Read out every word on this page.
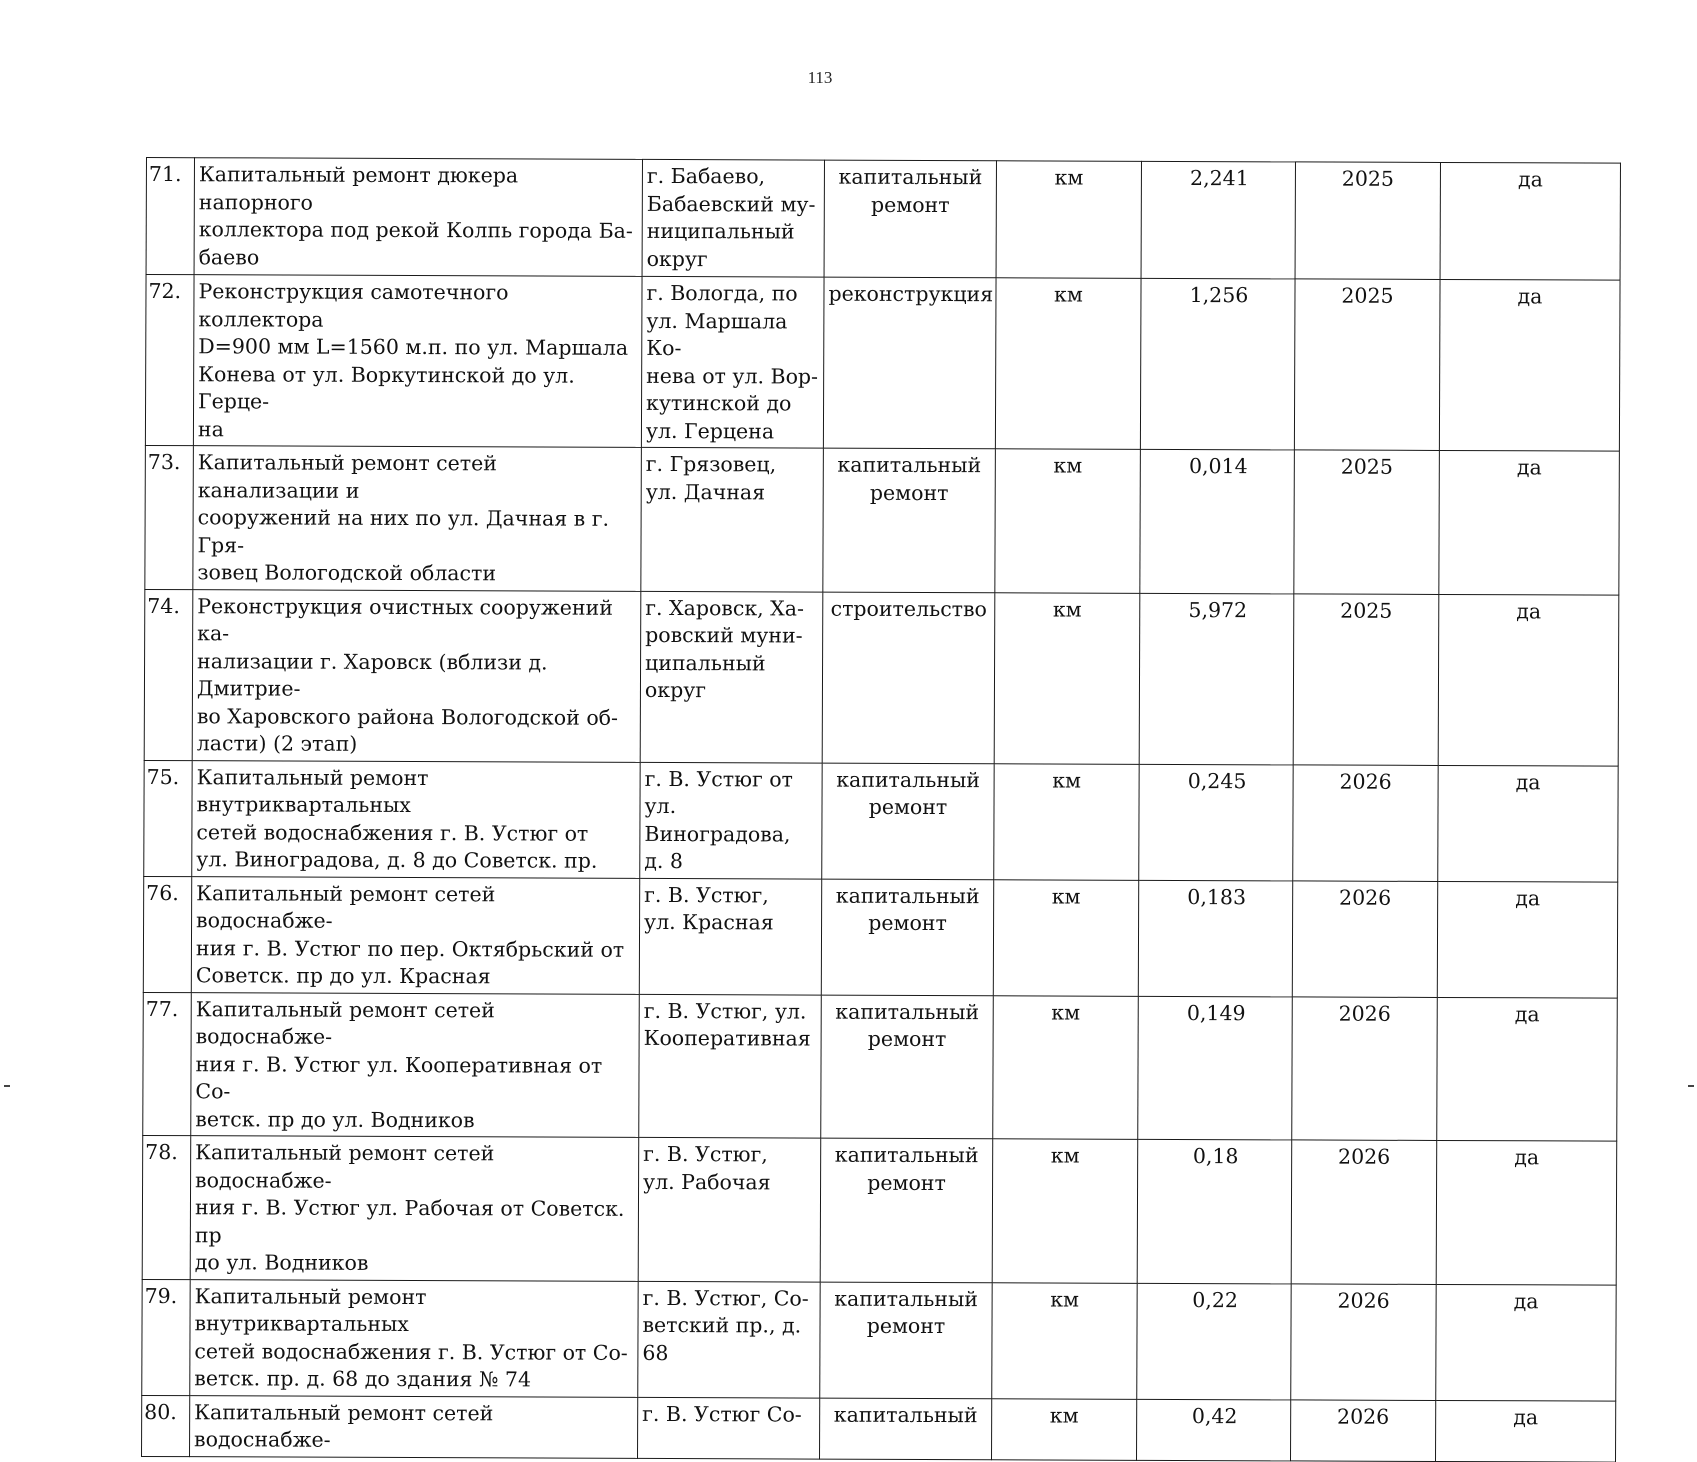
113
71.	Капитальный ремонт дюкера напорного
коллектора под рекой Колпь города Ба-
баево	г. Бабаево,
Бабаевский му-
ниципальный
округ	капитальный
ремонт	км	2,241	2025	да
72.	Реконструкция самотечного коллектора
D=900 мм L=1560 м.п. по ул. Маршала
Конева от ул. Воркутинской до ул. Герце-
на	г. Вологда, по
ул. Маршала Ко-
нева от ул. Вор-
кутинской до
ул. Герцена	реконструкция	км	1,256	2025	да
73.	Капитальный ремонт сетей канализации и
сооружений на них по ул. Дачная в г. Гря-
зовец Вологодской области	г. Грязовец,
ул. Дачная	капитальный
ремонт	км	0,014	2025	да
74.	Реконструкция очистных сооружений ка-
нализации г. Харовск (вблизи д. Дмитрие-
во Харовского района Вологодской об-
ласти) (2 этап)	г. Харовск, Ха-
ровский муни-
ципальный округ	строительство	км	5,972	2025	да
75.	Капитальный ремонт внутриквартальных
сетей водоснабжения г. В. Устюг от
ул. Виноградова, д. 8 до Советск. пр.	г. В. Устюг от
ул. Виноградова,
д. 8	капитальный
ремонт	км	0,245	2026	да
76.	Капитальный ремонт сетей водоснабже-
ния г. В. Устюг по пер. Октябрьский от
Советск. пр до ул. Красная	г. В. Устюг,
ул. Красная	капитальный
ремонт	км	0,183	2026	да
77.	Капитальный ремонт сетей водоснабже-
ния г. В. Устюг ул. Кооперативная от Со-
ветск. пр до ул. Водников	г. В. Устюг, ул.
Кооперативная	капитальный
ремонт	км	0,149	2026	да
78.	Капитальный ремонт сетей водоснабже-
ния г. В. Устюг ул. Рабочая от Советск. пр
до ул. Водников	г. В. Устюг,
ул. Рабочая	капитальный
ремонт	км	0,18	2026	да
79.	Капитальный ремонт внутриквартальных
сетей водоснабжения г. В. Устюг от Со-
ветск. пр. д. 68 до здания № 74	г. В. Устюг, Со-
ветский пр., д. 68	капитальный
ремонт	км	0,22	2026	да
80.	Капитальный ремонт сетей водоснабже-	г. В. Устюг Со-	капитальный	км	0,42	2026	да
